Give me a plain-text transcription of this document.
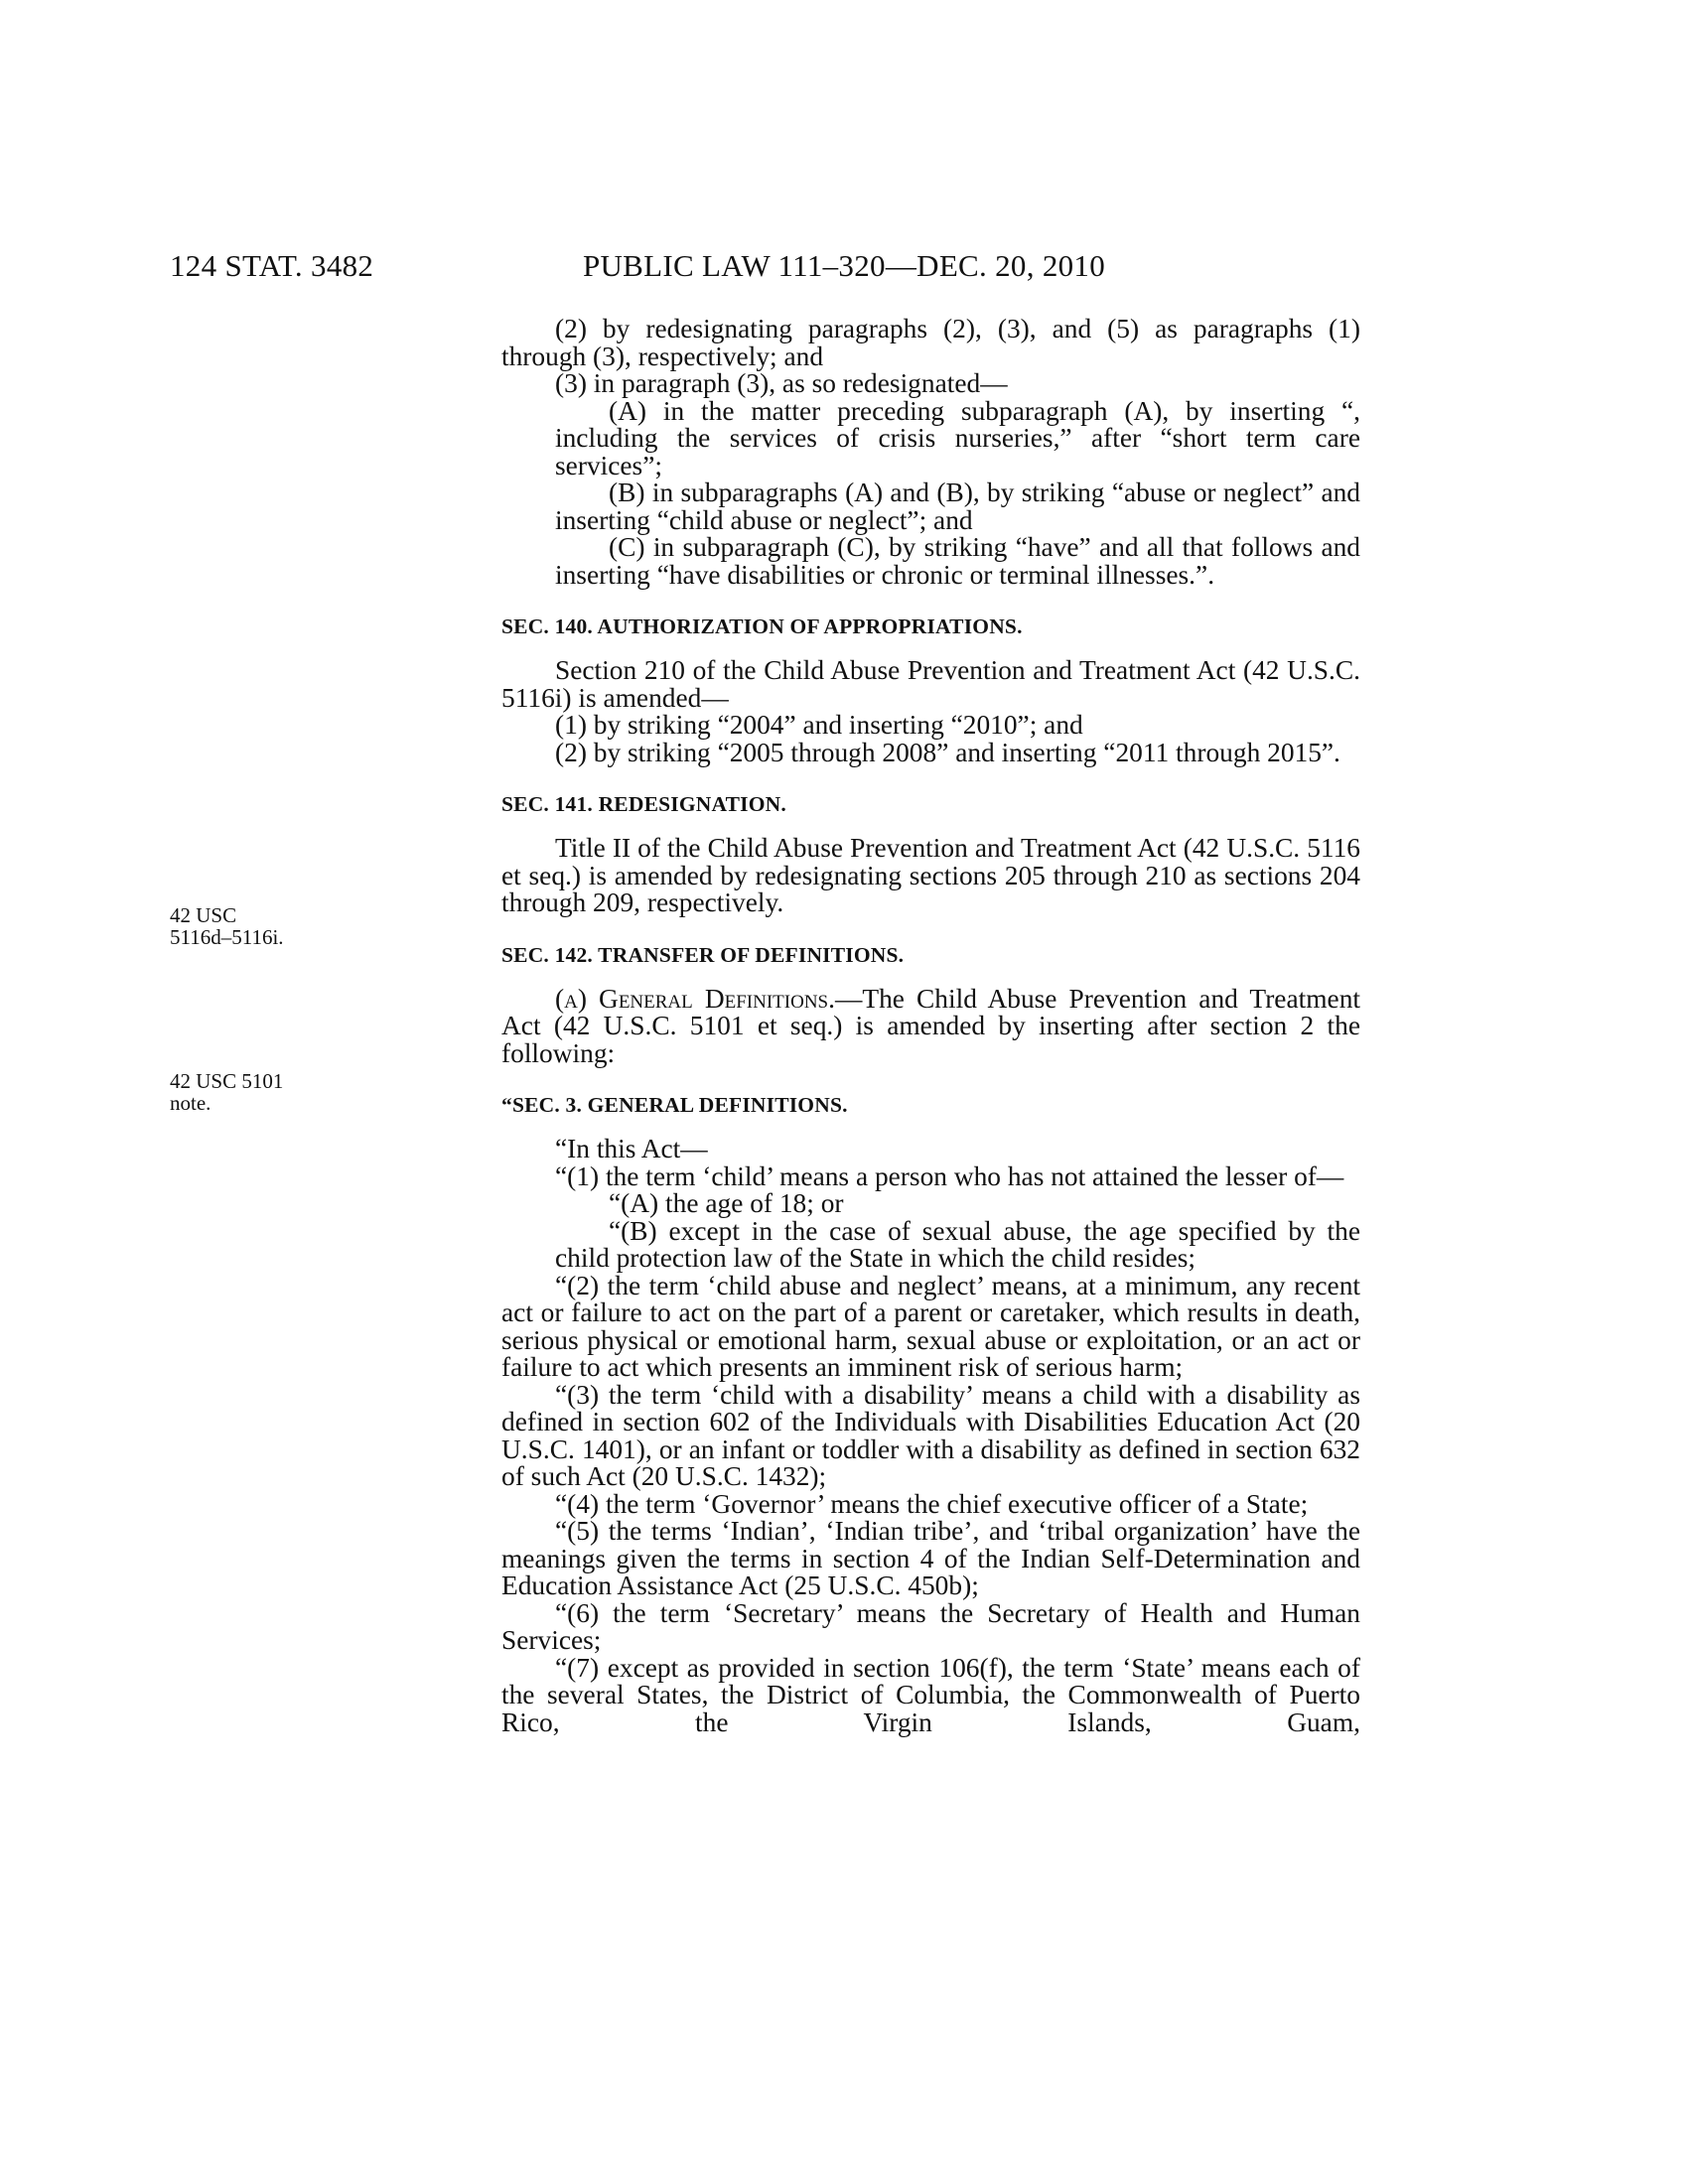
124 STAT. 3482	PUBLIC LAW 111–320—DEC. 20, 2010
42 USC
5116d–5116i.
42 USC 5101
note.

(2) by redesignating paragraphs (2), (3), and (5) as paragraphs (1) through (3), respectively; and

(3) in paragraph (3), as so redesignated—

(A) in the matter preceding subparagraph (A), by inserting “, including the services of crisis nurseries,” after “short term care services”;

(B) in subparagraphs (A) and (B), by striking “abuse or neglect” and inserting “child abuse or neglect”; and

(C) in subparagraph (C), by striking “have” and all that follows and inserting “have disabilities or chronic or terminal illnesses.”.

SEC. 140. AUTHORIZATION OF APPROPRIATIONS.

Section 210 of the Child Abuse Prevention and Treatment Act (42 U.S.C. 5116i) is amended—

(1) by striking “2004” and inserting “2010”; and

(2) by striking “2005 through 2008” and inserting “2011 through 2015”.

SEC. 141. REDESIGNATION.

Title II of the Child Abuse Prevention and Treatment Act (42 U.S.C. 5116 et seq.) is amended by redesignating sections 205 through 210 as sections 204 through 209, respectively.

SEC. 142. TRANSFER OF DEFINITIONS.

(a) General Definitions.—The Child Abuse Prevention and Treatment Act (42 U.S.C. 5101 et seq.) is amended by inserting after section 2 the following:

“SEC. 3. GENERAL DEFINITIONS.

“In this Act—

“(1) the term ‘child’ means a person who has not attained the lesser of—

“(A) the age of 18; or

“(B) except in the case of sexual abuse, the age specified by the child protection law of the State in which the child resides;

“(2) the term ‘child abuse and neglect’ means, at a minimum, any recent act or failure to act on the part of a parent or caretaker, which results in death, serious physical or emotional harm, sexual abuse or exploitation, or an act or failure to act which presents an imminent risk of serious harm;

“(3) the term ‘child with a disability’ means a child with a disability as defined in section 602 of the Individuals with Disabilities Education Act (20 U.S.C. 1401), or an infant or toddler with a disability as defined in section 632 of such Act (20 U.S.C. 1432);

“(4) the term ‘Governor’ means the chief executive officer of a State;

“(5) the terms ‘Indian’, ‘Indian tribe’, and ‘tribal organization’ have the meanings given the terms in section 4 of the Indian Self-Determination and Education Assistance Act (25 U.S.C. 450b);

“(6) the term ‘Secretary’ means the Secretary of Health and Human Services;

“(7) except as provided in section 106(f), the term ‘State’ means each of the several States, the District of Columbia, the Commonwealth of Puerto Rico, the Virgin Islands, Guam,
